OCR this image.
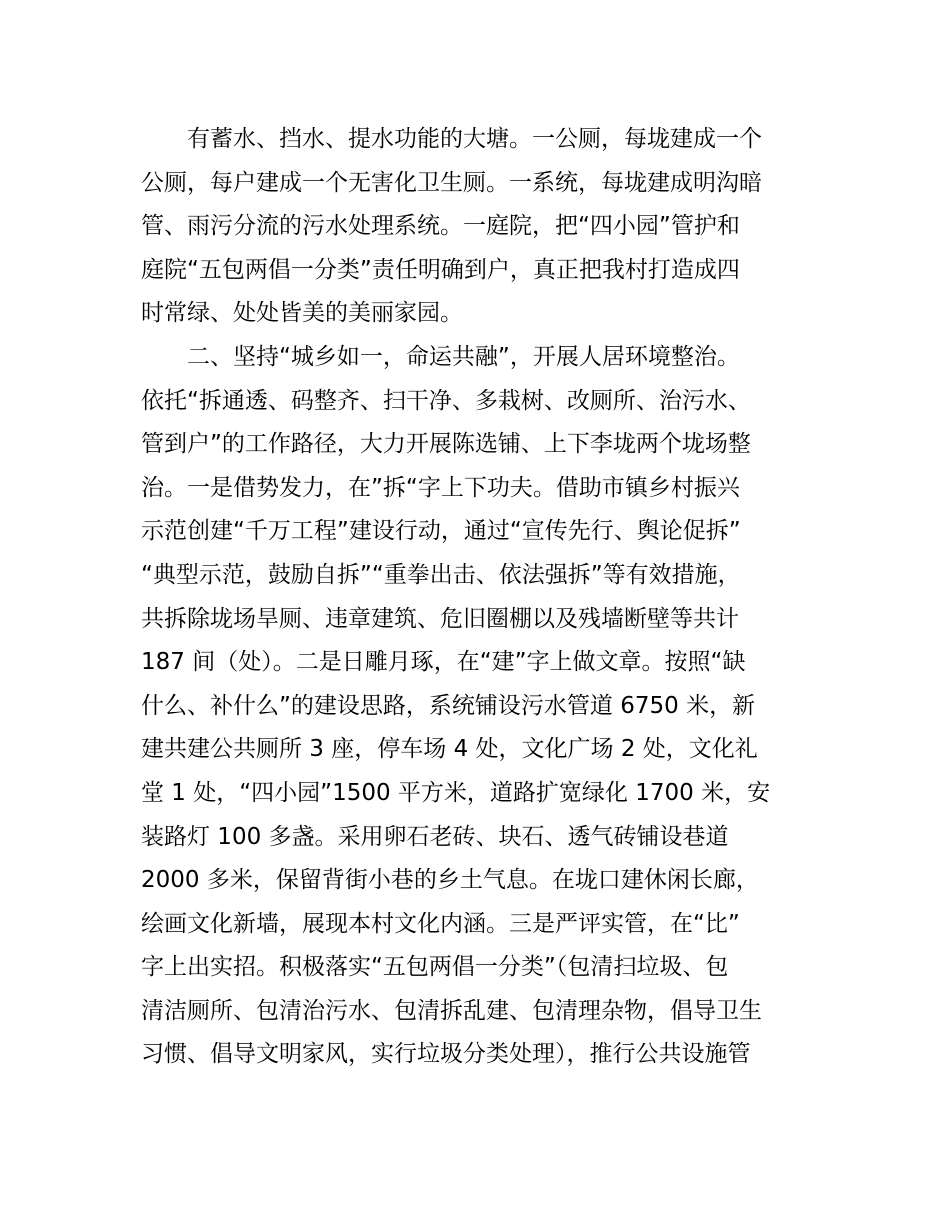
　　有蓄水、挡水、提水功能的大塘。一公厕，每垅建成一个
公厕，每户建成一个无害化卫生厕。一系统，每垅建成明沟暗
管、雨污分流的污水处理系统。一庭院，把“四小园”管护和
庭院“五包两倡一分类”责任明确到户，真正把我村打造成四
时常绿、处处皆美的美丽家园。

　　二、坚持“城乡如一，命运共融”，开展人居环境整治。
依托“拆通透、码整齐、扫干净、多栽树、改厕所、治污水、
管到户”的工作路径，大力开展陈选铺、上下李垅两个垅场整
治。一是借势发力，在”拆“字上下功夫。借助市镇乡村振兴
示范创建“千万工程”建设行动，通过“宣传先行、舆论促拆”
“典型示范，鼓励自拆”“重拳出击、依法强拆”等有效措施，
共拆除垅场旱厕、违章建筑、危旧圈棚以及残墙断壁等共计
187 间（处）。二是日雕月琢，在“建”字上做文章。按照“缺
什么、补什么”的建设思路，系统铺设污水管道 6750 米，新
建共建公共厕所 3 座，停车场 4 处，文化广场 2 处，文化礼
堂 1 处，“四小园”1500 平方米，道路扩宽绿化 1700 米，安
装路灯 100 多盏。采用卵石老砖、块石、透气砖铺设巷道
2000 多米，保留背街小巷的乡土气息。在垅口建休闲长廊，
绘画文化新墙，展现本村文化内涵。三是严评实管，在“比”
字上出实招。积极落实“五包两倡一分类”（包清扫垃圾、包
清洁厕所、包清治污水、包清拆乱建、包清理杂物，倡导卫生
习惯、倡导文明家风，实行垃圾分类处理），推行公共设施管
